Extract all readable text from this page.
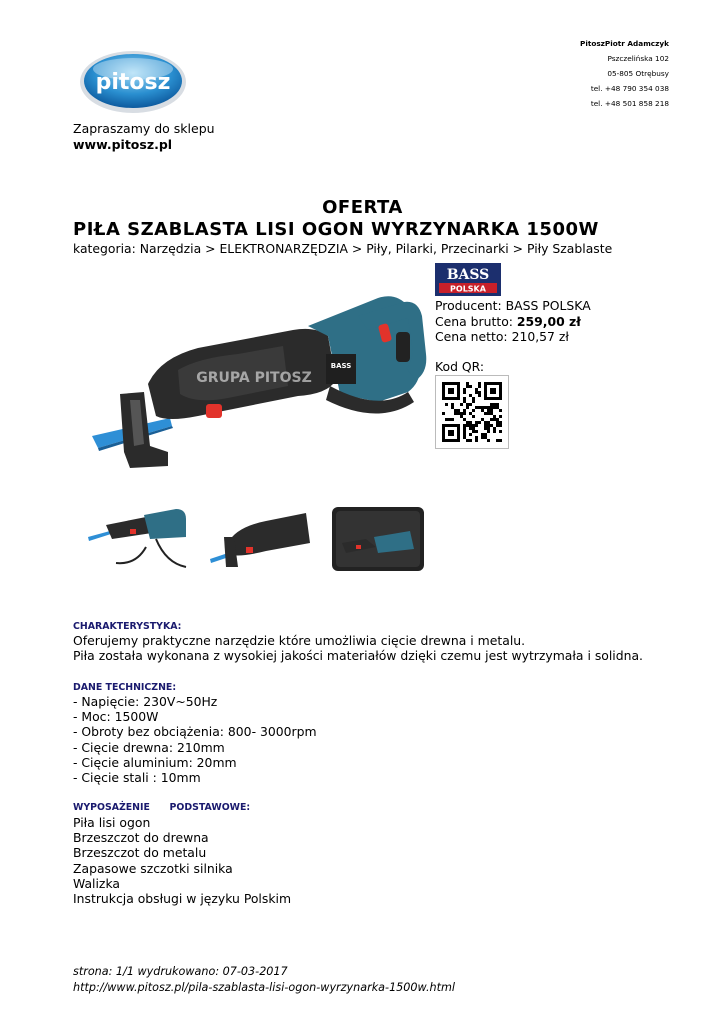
pitosz
PitoszPiotr Adamczyk
Pszczelińska 102
05-805 Otrębusy
tel. +48 790 354 038
tel. +48 501 858 218
Zapraszamy do sklepu
www.pitosz.pl
OFERTA
PIŁA SZABLASTA LISI OGON WYRZYNARKA 1500W
kategoria: Narzędzia > ELEKTRONARZĘDZIA > Piły, Pilarki, Przecinarki > Piły Szablaste
BASS
GRUPA PITOSZ
BASS
POLSKA
Producent: BASS POLSKA
Cena brutto: 259,00 zł
Cena netto: 210,57 zł
Kod QR:
CHARAKTERYSTYKA:
Oferujemy praktyczne narzędzie które umożliwia cięcie drewna i metalu.
Piła została wykonana z wysokiej jakości materiałów dzięki czemu jest wytrzymała i solidna.
DANE TECHNICZNE:
- Napięcie: 230V~50Hz
- Moc: 1500W
- Obroty bez obciążenia: 800- 3000rpm
- Cięcie drewna: 210mm
- Cięcie aluminium: 20mm
- Cięcie stali : 10mm
WYPOSAŻENIE      PODSTAWOWE:
Piła lisi ogon
Brzeszczot do drewna
Brzeszczot do metalu
Zapasowe szczotki silnika
Walizka
Instrukcja obsługi w języku Polskim
strona: 1/1 wydrukowano: 07-03-2017
http://www.pitosz.pl/pila-szablasta-lisi-ogon-wyrzynarka-1500w.html
